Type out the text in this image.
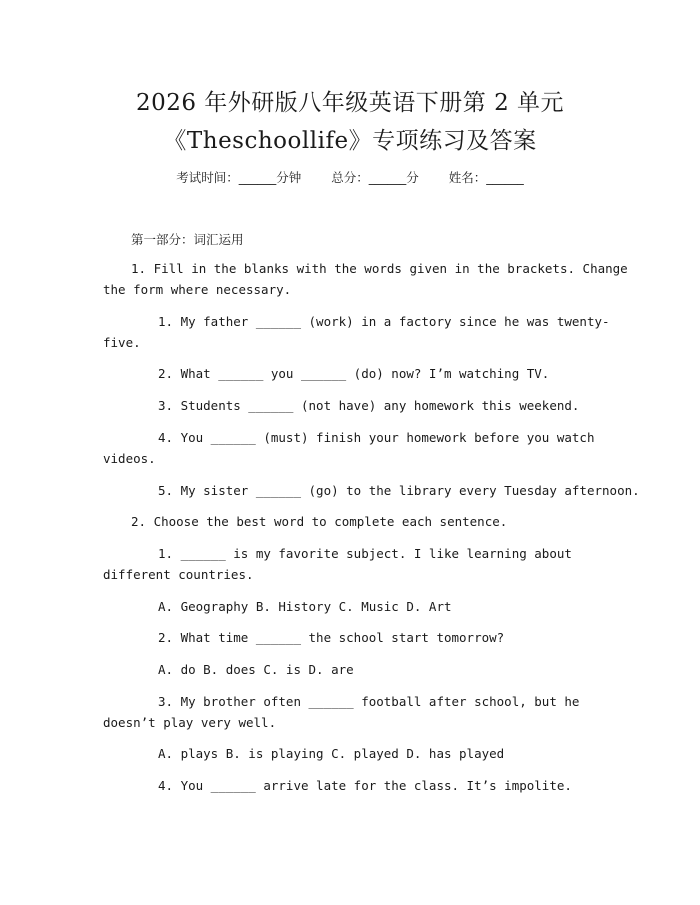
2026 年外研版八年级英语下册第 2 单元
《Theschoollife》专项练习及答案
考试时间：______分钟 总分：______分 姓名：______
第一部分：词汇运用
1. Fill in the blanks with the words given in the brackets. Change
the form where necessary.
1. My father ______ (work) in a factory since he was twenty-
five.
2. What ______ you ______ (do) now? I’m watching TV.
3. Students ______ (not have) any homework this weekend.
4. You ______ (must) finish your homework before you watch
videos.
5. My sister ______ (go) to the library every Tuesday afternoon.
2. Choose the best word to complete each sentence.
1. ______ is my favorite subject. I like learning about
different countries.
A. Geography B. History C. Music D. Art
2. What time ______ the school start tomorrow?
A. do B. does C. is D. are
3. My brother often ______ football after school, but he
doesn’t play very well.
A. plays B. is playing C. played D. has played
4. You ______ arrive late for the class. It’s impolite.
